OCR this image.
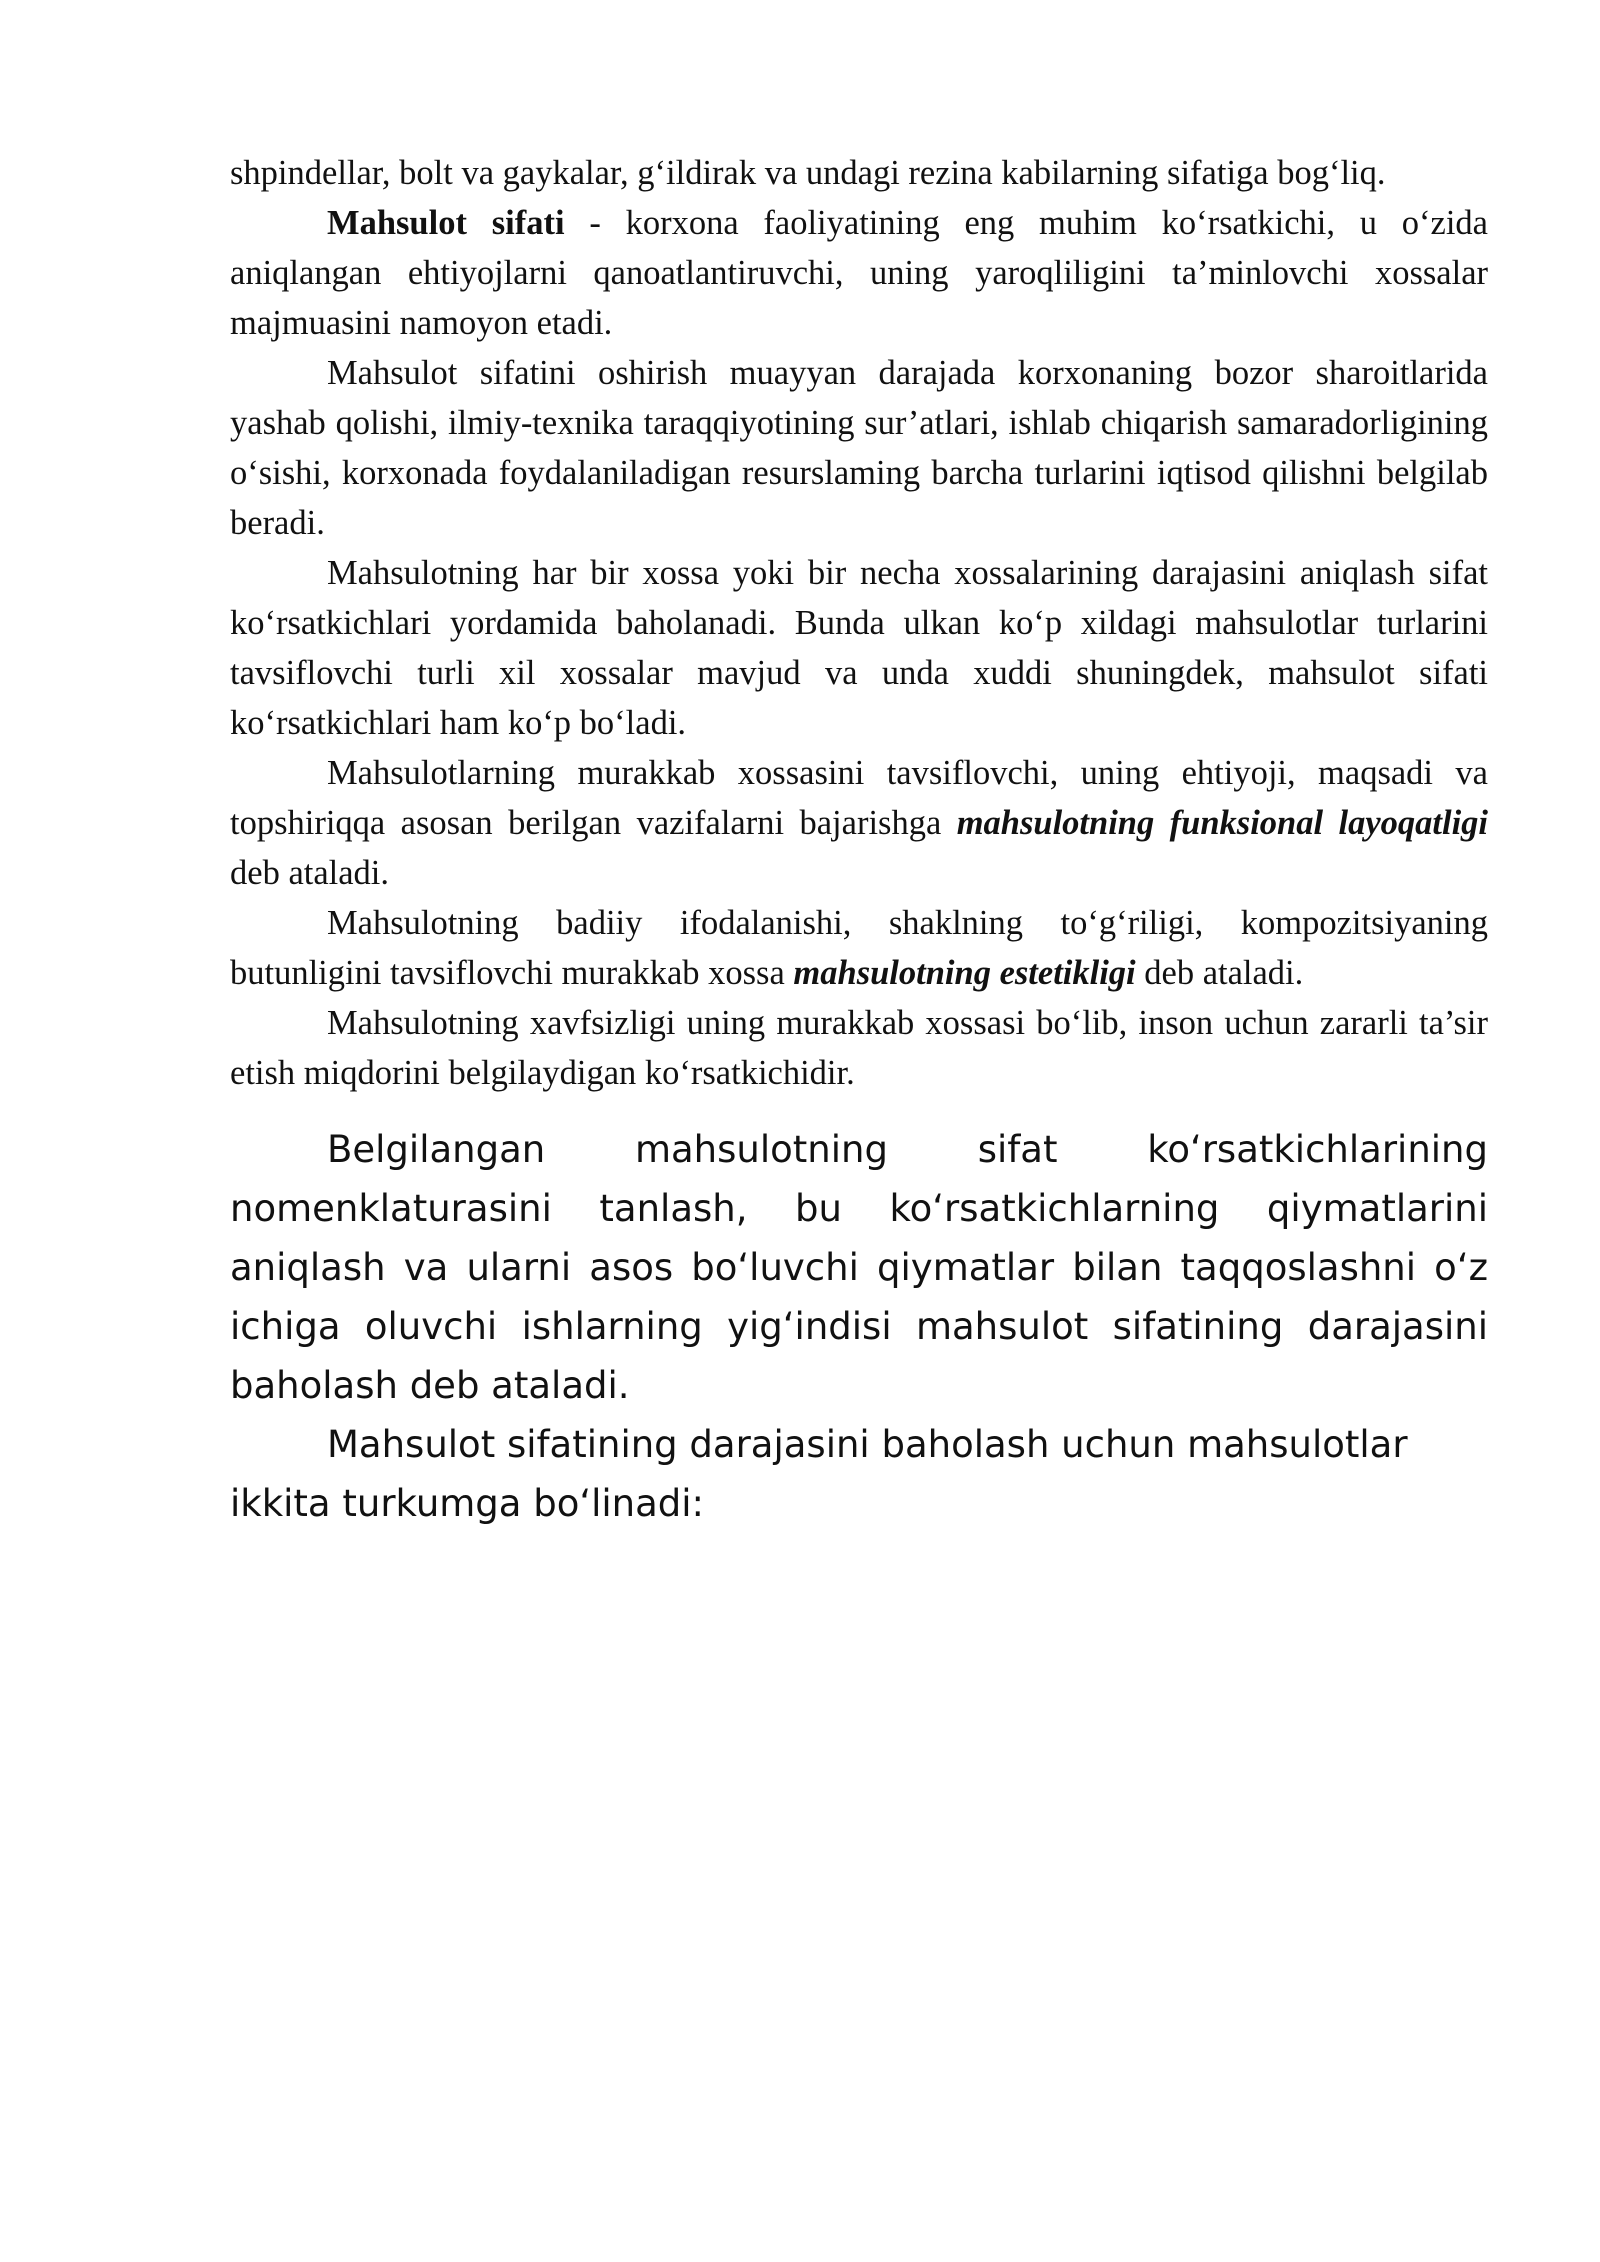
shpindellar, bolt va gaykalar, g‘ildirak va undagi rezina kabilarning sifatiga bog‘liq.

Mahsulot sifati - korxona faoliyatining eng muhim ko‘rsatkichi, u o‘zida aniqlangan ehtiyojlarni qanoatlantiruvchi, uning yaroqliligini ta’minlovchi xossalar majmuasini namoyon etadi.

Mahsulot sifatini oshirish muayyan darajada korxonaning bozor sharoitlarida yashab qolishi, ilmiy-texnika taraqqiyotining sur’atlari, ishlab chiqarish samaradorligining o‘sishi, korxonada foydalaniladigan resurslaming barcha turlarini iqtisod qilishni belgilab beradi.

Mahsulotning har bir xossa yoki bir necha xossalarining darajasini aniqlash sifat ko‘rsatkichlari yordamida baholanadi. Bunda ulkan ko‘p xildagi mahsulotlar turlarini tavsiflovchi turli xil xossalar mavjud va unda xuddi shuningdek, mahsulot sifati ko‘rsatkichlari ham ko‘p bo‘ladi.

Mahsulotlarning murakkab xossasini tavsiflovchi, uning ehtiyoji, maqsadi va topshiriqqa asosan berilgan vazifalarni bajarishga mahsulotning funksional layoqatligi deb ataladi.

Mahsulotning badiiy ifodalanishi, shaklning to‘g‘riligi, kompozitsiyaning butunligini tavsiflovchi murakkab xossa mahsulotning estetikligi deb ataladi.

Mahsulotning xavfsizligi uning murakkab xossasi bo‘lib, inson uchun zararli ta’sir etish miqdorini belgilaydigan ko‘rsatkichidir.

Belgilangan mahsulotning sifat ko‘rsatkichlarining nomenklaturasini tanlash, bu ko‘rsatkichlarning qiymatlarini aniqlash va ularni asos bo‘luvchi qiymatlar bilan taqqoslashni o‘z ichiga oluvchi ishlarning yig‘indisi mahsulot sifatining darajasini baholash deb ataladi.

Mahsulot sifatining darajasini baholash uchun mahsulotlar ikkita turkumga bo‘linadi:
